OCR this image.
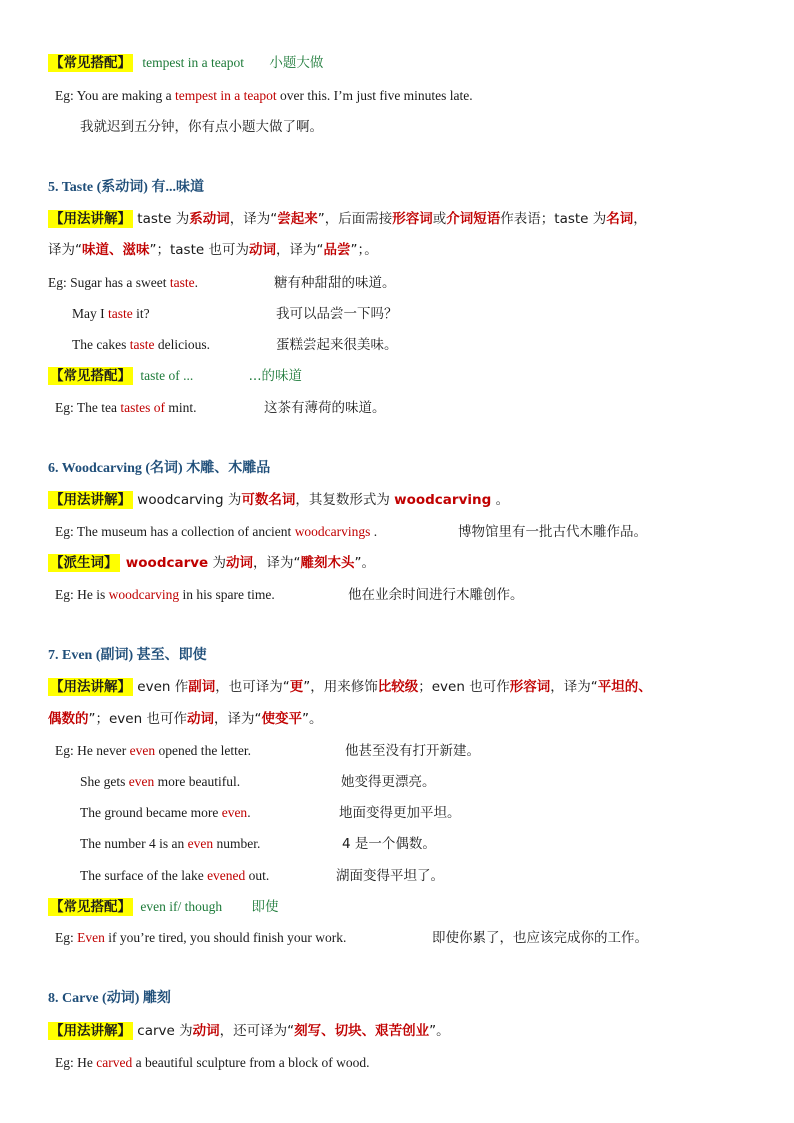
【常见搭配】 tempest in a teapot 小题大做
Eg: You are making a tempest in a teapot over this. I’m just five minutes late.
我就迟到五分钟，你有点小题大做了啊。
5. Taste (系动词) 有...味道
【用法讲解】 taste 为系动词，译为“尝起来”，后面需接形容词或介词短语作表语；taste 为名词，
译为“味道、滋味”；taste 也可为动词，译为“品尝”；。
Eg: Sugar has a sweet taste.	糖有种甜甜的味道。
May I taste it?	我可以品尝一下吗？
The cakes taste delicious.	蛋糕尝起来很美味。
【常见搭配】 taste of ...	...的味道
Eg: The tea tastes of mint.	这茶有薄荷的味道。
6. Woodcarving (名词) 木雕、木雕品
【用法讲解】 woodcarving 为可数名词，其复数形式为 woodcarving 。
Eg: The museum has a collection of ancient woodcarvings .	博物馆里有一批古代木雕作品。
【派生词】 woodcarve 为动词，译为“雕刻木头”。
Eg: He is woodcarving in his spare time.	他在业余时间进行木雕创作。
7. Even (副词) 甚至、即使
【用法讲解】 even 作副词，也可译为“更”，用来修饰比较级；even 也可作形容词，译为“平坦的、
偶数的”；even 也可作动词，译为“使变平”。
Eg: He never even opened the letter.	他甚至没有打开新建。
She gets even more beautiful.	她变得更漂亮。
The ground became more even.	地面变得更加平坦。
The number 4 is an even number.	4 是一个偶数。
The surface of the lake evened out.	湖面变得平坦了。
【常见搭配】 even if/ though 即使
Eg: Even if you’re tired, you should finish your work.	即使你累了，也应该完成你的工作。
8. Carve (动词) 雕刻
【用法讲解】 carve 为动词，还可译为“刻写、切块、艰苦创业”。
Eg: He carved a beautiful sculpture from a block of wood.
